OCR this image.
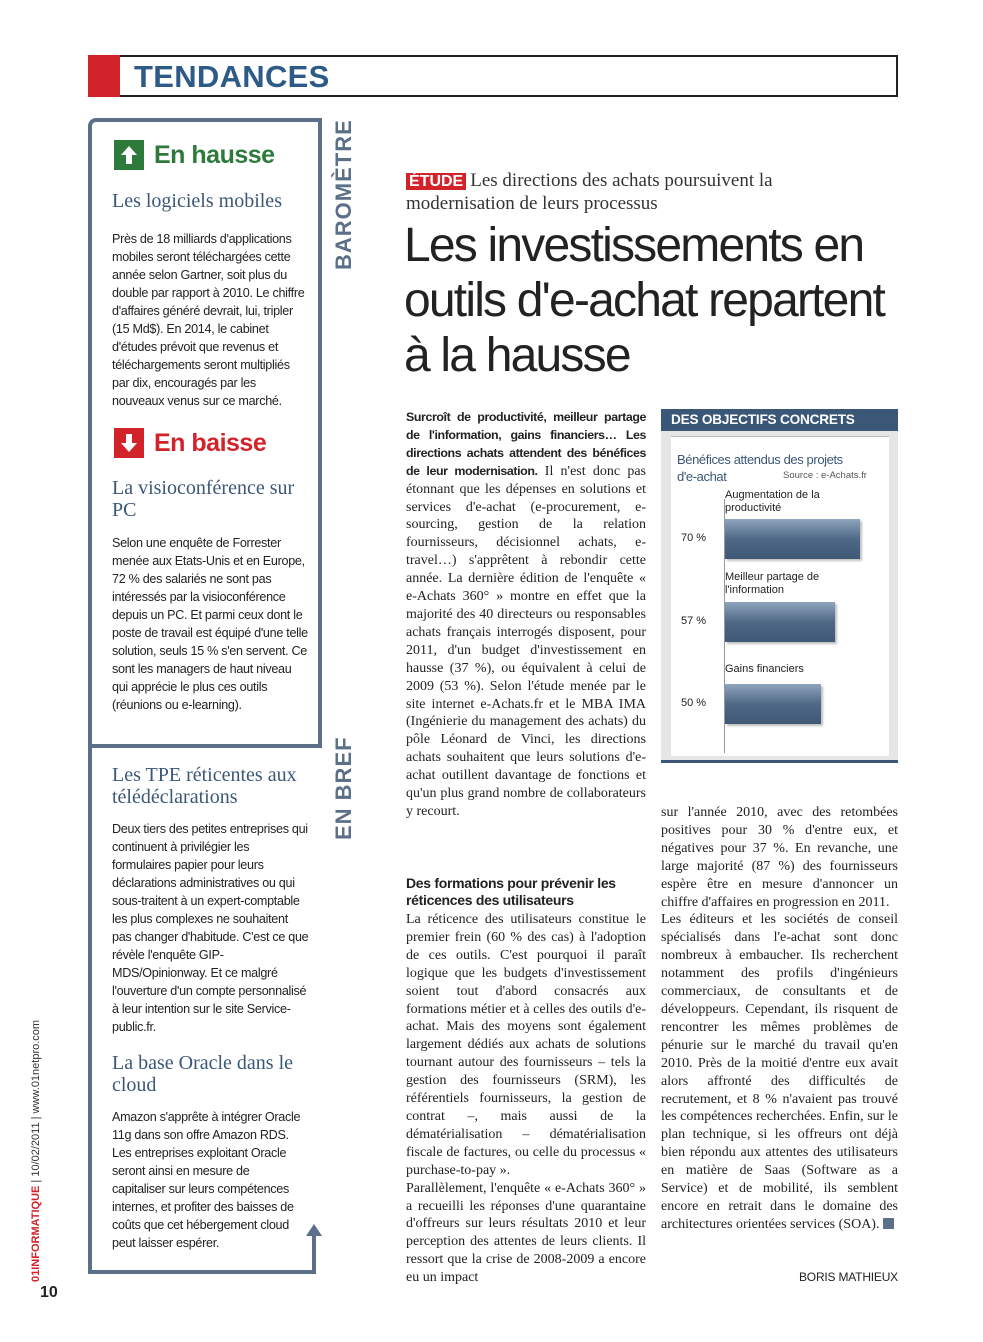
TENDANCES
BAROMÈTRE
EN BREF
En hausse
Les logiciels mobiles
Près de 18 milliards d'applications mobiles seront téléchargées cette année selon Gartner, soit plus du double par rapport à 2010. Le chiffre d'affaires généré devrait, lui, tripler (15 Md$). En 2014, le cabinet d'études prévoit que revenus et téléchargements seront multipliés par dix, encouragés par les nouveaux venus sur ce marché.
En baisse
La visioconférence sur PC
Selon une enquête de Forrester menée aux Etats-Unis et en Europe, 72 % des salariés ne sont pas intéressés par la visioconférence depuis un PC. Et parmi ceux dont le poste de travail est équipé d'une telle solution, seuls 15 % s'en servent. Ce sont les managers de haut niveau qui apprécie le plus ces outils (réunions ou e-learning).
Les TPE réticentes aux télédéclarations
Deux tiers des petites entreprises qui continuent à privilégier les formulaires papier pour leurs déclarations administratives ou qui sous-traitent à un expert-comptable les plus complexes ne souhaitent pas changer d'habitude. C'est ce que révèle l'enquête GIP-MDS/Opinionway. Et ce malgré l'ouverture d'un compte personnalisé à leur intention sur le site Service-public.fr.
La base Oracle dans le cloud
Amazon s'apprête à intégrer Oracle 11g dans son offre Amazon RDS. Les entreprises exploitant Oracle seront ainsi en mesure de capitaliser sur leurs compétences internes, et profiter des baisses de coûts que cet hébergement cloud peut laisser espérer.
01INFORMATIQUE | 10/02/2011 | www.01netpro.com
10
ÉTUDE Les directions des achats poursuivent la modernisation de leurs processus
Les investissements en outils d'e-achat repartent à la hausse
Surcroît de productivité, meilleur partage de l'information, gains financiers… Les directions achats attendent des bénéfices de leur modernisation. Il n'est donc pas étonnant que les dépenses en solutions et services d'e-achat (e-procurement, e-sourcing, gestion de la relation fournisseurs, décisionnel achats, e-travel…) s'apprêtent à rebondir cette année. La dernière édition de l'enquête « e-Achats 360° » montre en effet que la majorité des 40 directeurs ou responsables achats français interrogés disposent, pour 2011, d'un budget d'investissement en hausse (37 %), ou équivalent à celui de 2009 (53 %). Selon l'étude menée par le site internet e-Achats.fr et le MBA IMA (Ingénierie du management des achats) du pôle Léonard de Vinci, les directions achats souhaitent que leurs solutions d'e-achat outillent davantage de fonctions et qu'un plus grand nombre de collaborateurs y recourt.
Des formations pour prévenir les réticences des utilisateurs

La réticence des utilisateurs constitue le premier frein (60 % des cas) à l'adoption de ces outils. C'est pourquoi il paraît logique que les budgets d'investissement soient tout d'abord consacrés aux formations métier et à celles des outils d'e-achat. Mais des moyens sont également largement dédiés aux achats de solutions tournant autour des fournisseurs – tels la gestion des fournisseurs (SRM), les référentiels fournisseurs, la gestion de contrat –, mais aussi de la dématérialisation – dématérialisation fiscale de factures, ou celle du processus « purchase-to-pay ».

Parallèlement, l'enquête « e-Achats 360° » a recueilli les réponses d'une quarantaine d'offreurs sur leurs résultats 2010 et leur perception des attentes de leurs clients. Il ressort que la crise de 2008-2009 a encore eu un impact

sur l'année 2010, avec des retombées positives pour 30 % d'entre eux, et négatives pour 37 %. En revanche, une large majorité (87 %) des fournisseurs espère être en mesure d'annoncer un chiffre d'affaires en progression en 2011.

Les éditeurs et les sociétés de conseil spécialisés dans l'e-achat sont donc nombreux à embaucher. Ils recherchent notamment des profils d'ingénieurs commerciaux, de consultants et de développeurs. Cependant, ils risquent de rencontrer les mêmes problèmes de pénurie sur le marché du travail qu'en 2010. Près de la moitié d'entre eux avait alors affronté des difficultés de recrutement, et 8 % n'avaient pas trouvé les compétences recherchées. Enfin, sur le plan technique, si les offreurs ont déjà bien répondu aux attentes des utilisateurs en matière de Saas (Software as a Service) et de mobilité, ils semblent encore en retrait dans le domaine des architectures orientées services (SOA).

BORIS MATHIEUX
DES OBJECTIFS CONCRETS
Bénéfices attendus des projets d'e-achat	Source : e-Achats.fr
Augmentation de la productivité
70 %
Meilleur partage de l'information
57 %
Gains financiers
50 %
